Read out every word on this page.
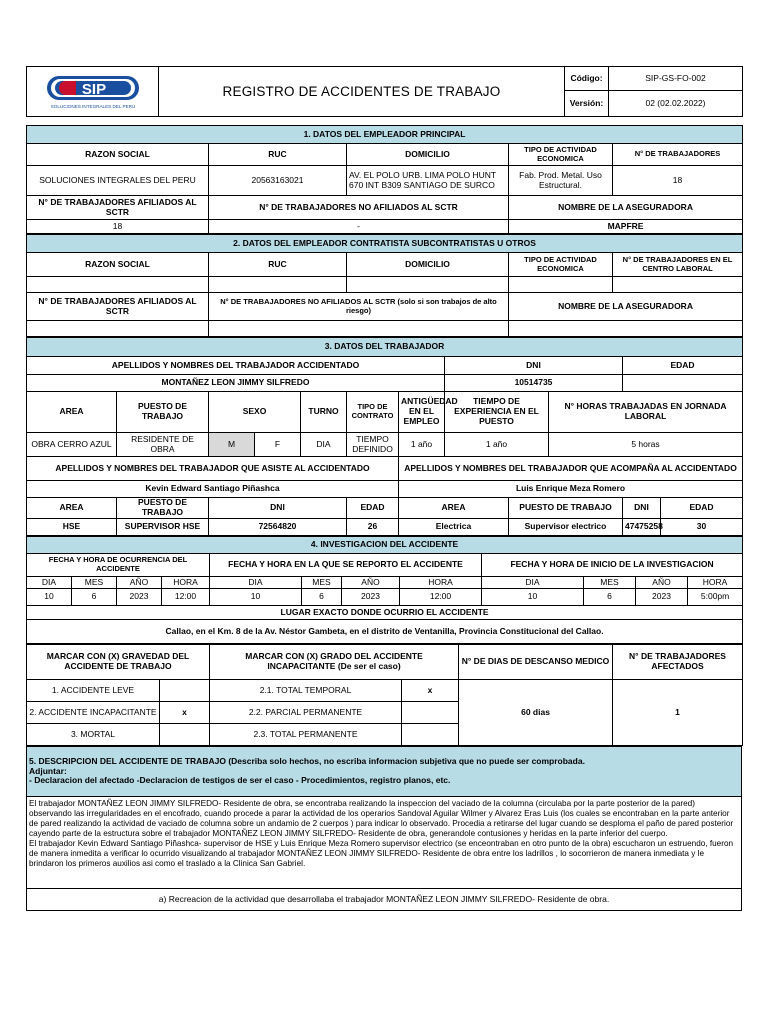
SIP
SOLUCIONES INTEGRALES DEL PERÚ	REGISTRO DE ACCIDENTES DE TRABAJO	Código:	SIP-GS-FO-002
		Versión:	02 (02.02.2022)
1. DATOS DEL EMPLEADOR PRINCIPAL				
RAZON SOCIAL	RUC	DOMICILIO	TIPO DE ACTIVIDAD ECONOMICA	N° DE TRABAJADORES
SOLUCIONES INTEGRALES DEL PERU	20563163021	AV. EL POLO URB. LIMA POLO HUNT 670 INT B309 SANTIAGO DE SURCO	Fab. Prod. Metal. Uso Estructural.	18
N° DE TRABAJADORES AFILIADOS AL SCTR	N° DE TRABAJADORES NO AFILIADOS AL SCTR		NOMBRE DE LA ASEGURADORA	
18	-		MAPFRE	
2. DATOS DEL EMPLEADOR CONTRATISTA SUBCONTRATISTAS U OTROS				
RAZON SOCIAL	RUC	DOMICILIO	TIPO DE ACTIVIDAD ECONOMICA	N° DE TRABAJADORES EN EL CENTRO LABORAL

N° DE TRABAJADORES AFILIADOS AL SCTR	N° DE TRABAJADORES NO AFILIADOS AL SCTR (solo si son trabajos de alto riesgo)		NOMBRE DE LA ASEGURADORA	

3. DATOS DEL TRABAJADOR											
APELLIDOS Y NOMBRES DEL TRABAJADOR ACCIDENTADO							DNI			EDAD	
MONTAÑEZ LEON JIMMY SILFREDO							10514735				
AREA	PUESTO DE TRABAJO	SEXO		TURNO	TIPO DE CONTRATO	ANTIGÜEDAD EN EL EMPLEO	TIEMPO DE EXPERIENCIA EN EL PUESTO		N° HORAS TRABAJADAS EN JORNADA LABORAL		
OBRA CERRO AZUL	RESIDENTE DE OBRA	M	F	DIA	TIEMPO DEFINIDO	1 año	1 año		5 horas		
APELLIDOS Y NOMBRES DEL TRABAJADOR QUE ASISTE AL ACCIDENTADO						APELLIDOS Y NOMBRES DEL TRABAJADOR QUE ACOMPAÑA AL ACCIDENTADO					
Kevin Edward Santiago Piñashca						Luis Enrique Meza Romero					
AREA	PUESTO DE TRABAJO	DNI			EDAD	AREA		PUESTO DE TRABAJO		DNI	EDAD
HSE	SUPERVISOR HSE	72564820			26	Electrica		Supervisor electrico		47475258	30
4. INVESTIGACION DEL ACCIDENTE											
FECHA Y HORA DE OCURRENCIA DEL ACCIDENTE				FECHA Y HORA EN LA QUE SE REPORTO EL ACCIDENTE				FECHA Y HORA DE INICIO DE LA INVESTIGACION			
DIA	MES	AÑO	HORA	DIA	MES	AÑO	HORA	DIA	MES	AÑO	HORA
10	6	2023	12:00	10	6	2023	12:00	10	6	2023	5:00pm
LUGAR EXACTO DONDE OCURRIO EL ACCIDENTE											
Callao, en el Km. 8 de la Av. Néstor Gambeta, en el distrito de Ventanilla, Provincia Constitucional del Callao.											
MARCAR CON (X) GRAVEDAD DEL ACCIDENTE DE TRABAJO		MARCAR CON (X) GRADO DEL ACCIDENTE INCAPACITANTE (De ser el caso)		N° DE DIAS DE DESCANSO MEDICO	N° DE TRABAJADORES AFECTADOS
1. ACCIDENTE LEVE		2.1. TOTAL TEMPORAL	x	60 dias	1
2. ACCIDENTE INCAPACITANTE	x	2.2. PARCIAL PERMANENTE			
3. MORTAL		2.3. TOTAL PERMANENTE			
5. DESCRIPCION DEL ACCIDENTE DE TRABAJO (Describa solo hechos, no escriba informacion subjetiva que no puede ser comprobada.
Adjuntar:
- Declaracion del afectado -Declaracion de testigos de ser el caso - Procedimientos, registro planos, etc.

El trabajador MONTAÑEZ LEON JIMMY SILFREDO- Residente de obra, se encontraba realizando la inspeccion del vaciado de la columna (circulaba por la parte posterior de la pared) observando las irregularidades en el encofrado, cuando procede a parar la actividad de los operarios Sandoval Aguilar Wilmer y Alvarez Eras Luis (los cuales se encontraban en la parte anterior de pared realizando la actividad de vaciado de columna sobre un andamio de 2 cuerpos ) para indicar lo observado. Procedia a retirarse del lugar cuando se desploma el paño de pared posterior cayendo parte de la estructura sobre el trabajador MONTAÑEZ LEON JIMMY SILFREDO- Residente de obra, generandole contusiones y heridas en la parte inferior del cuerpo.

El trabajador Kevin Edward Santiago Piñashca- supervisor de HSE y Luis Enrique Meza Romero supervisor electrico (se enceontraban en otro punto de la obra) escucharon un estruendo, fueron de manera inmedita a verificar lo ocurrido visualizando al trabajador MONTAÑEZ LEON JIMMY SILFREDO- Residente de obra entre los ladrillos , lo socorrieron de manera inmediata y le brindaron los primeros auxilios asi como el traslado a la Clinica San Gabriel.

a) Recreacion de la actividad que desarrollaba el trabajador MONTAÑEZ LEON JIMMY SILFREDO- Residente de obra.
